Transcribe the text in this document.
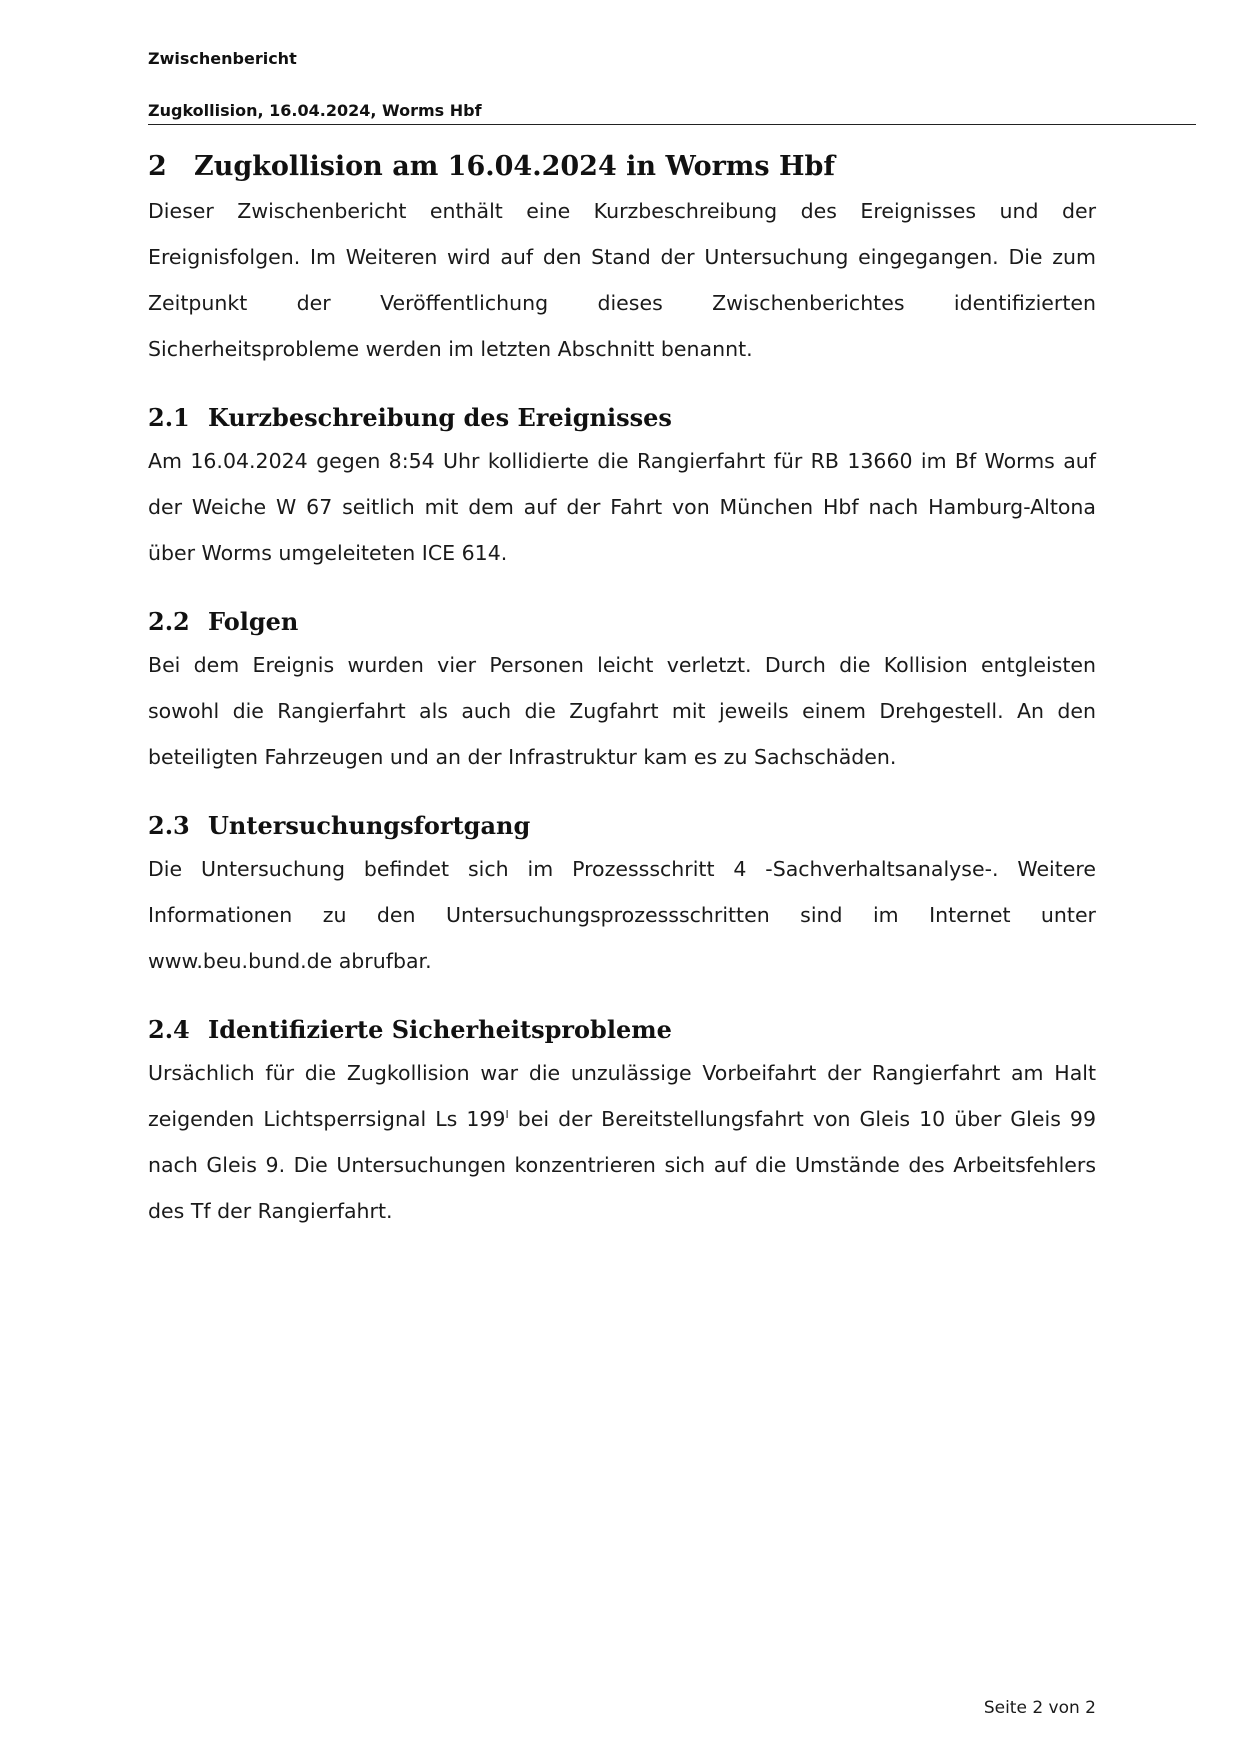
Zwischenbericht
Zugkollision, 16.04.2024, Worms Hbf
2	Zugkollision am 16.04.2024 in Worms Hbf

Dieser Zwischenbericht enthält eine Kurzbeschreibung des Ereignisses und der Ereignisfolgen. Im Weiteren wird auf den Stand der Untersuchung eingegangen. Die zum Zeitpunkt der Veröffentlichung dieses Zwischenberichtes identifizierten Sicherheitsprobleme werden im letzten Abschnitt benannt.

2.1 Kurzbeschreibung des Ereignisses

Am 16.04.2024 gegen 8:54 Uhr kollidierte die Rangierfahrt für RB 13660 im Bf Worms auf der Weiche W 67 seitlich mit dem auf der Fahrt von München Hbf nach Hamburg-Altona über Worms umgeleiteten ICE 614.

2.2 Folgen

Bei dem Ereignis wurden vier Personen leicht verletzt. Durch die Kollision entgleisten sowohl die Rangierfahrt als auch die Zugfahrt mit jeweils einem Drehgestell. An den beteiligten Fahrzeugen und an der Infrastruktur kam es zu Sachschäden.

2.3 Untersuchungsfortgang

Die Untersuchung befindet sich im Prozessschritt 4 -Sachverhaltsanalyse-. Weitere Informationen zu den Untersuchungsprozessschritten sind im Internet unter www.beu.bund.de abrufbar.

2.4 Identifizierte Sicherheitsprobleme

Ursächlich für die Zugkollision war die unzulässige Vorbeifahrt der Rangierfahrt am Halt zeigenden Lichtsperrsignal Ls $199^I$ bei der Bereitstellungsfahrt von Gleis 10 über Gleis 99 nach Gleis 9. Die Untersuchungen konzentrieren sich auf die Umstände des Arbeitsfehlers des Tf der Rangierfahrt.

Seite 2 von 2
